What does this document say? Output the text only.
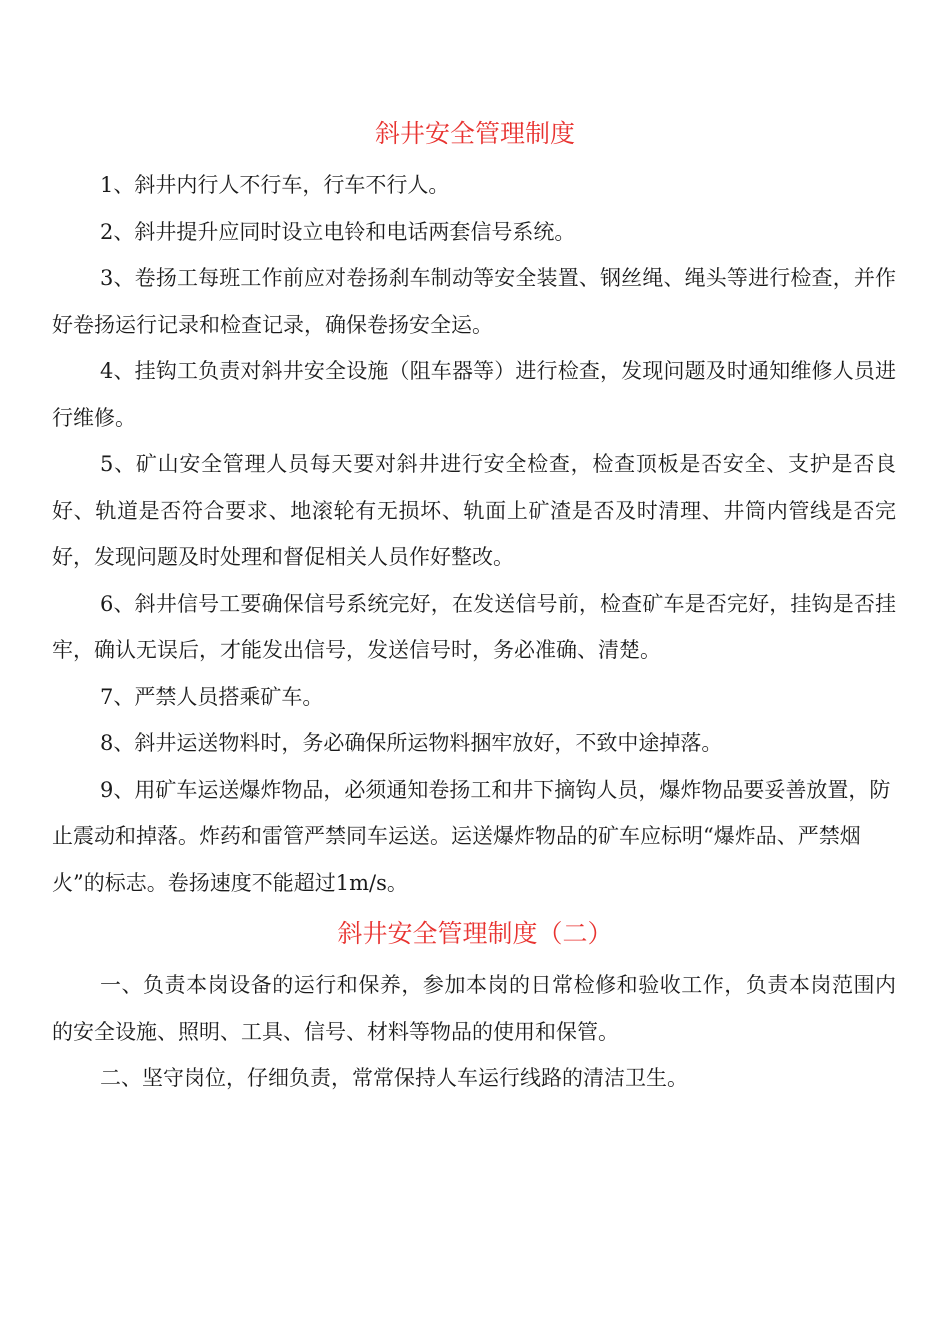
斜井安全管理制度

1、斜井内行人不行车，行车不行人。

2、斜井提升应同时设立电铃和电话两套信号系统。

3、卷扬工每班工作前应对卷扬刹车制动等安全装置、钢丝绳、绳头等进行检查，并作好卷扬运行记录和检查记录，确保卷扬安全运。

4、挂钩工负责对斜井安全设施（阻车器等）进行检查，发现问题及时通知维修人员进行维修。

5、矿山安全管理人员每天要对斜井进行安全检查，检查顶板是否安全、支护是否良好、轨道是否符合要求、地滚轮有无损坏、轨面上矿渣是否及时清理、井筒内管线是否完好，发现问题及时处理和督促相关人员作好整改。

6、斜井信号工要确保信号系统完好，在发送信号前，检查矿车是否完好，挂钩是否挂牢，确认无误后，才能发出信号，发送信号时，务必准确、清楚。

7、严禁人员搭乘矿车。

8、斜井运送物料时，务必确保所运物料捆牢放好，不致中途掉落。

9、用矿车运送爆炸物品，必须通知卷扬工和井下摘钩人员，爆炸物品要妥善放置，防止震动和掉落。炸药和雷管严禁同车运送。运送爆炸物品的矿车应标明“爆炸品、严禁烟火”的标志。卷扬速度不能超过1m/s。

斜井安全管理制度（二）

一、负责本岗设备的运行和保养，参加本岗的日常检修和验收工作，负责本岗范围内的安全设施、照明、工具、信号、材料等物品的使用和保管。

二、坚守岗位，仔细负责，常常保持人车运行线路的清洁卫生。
